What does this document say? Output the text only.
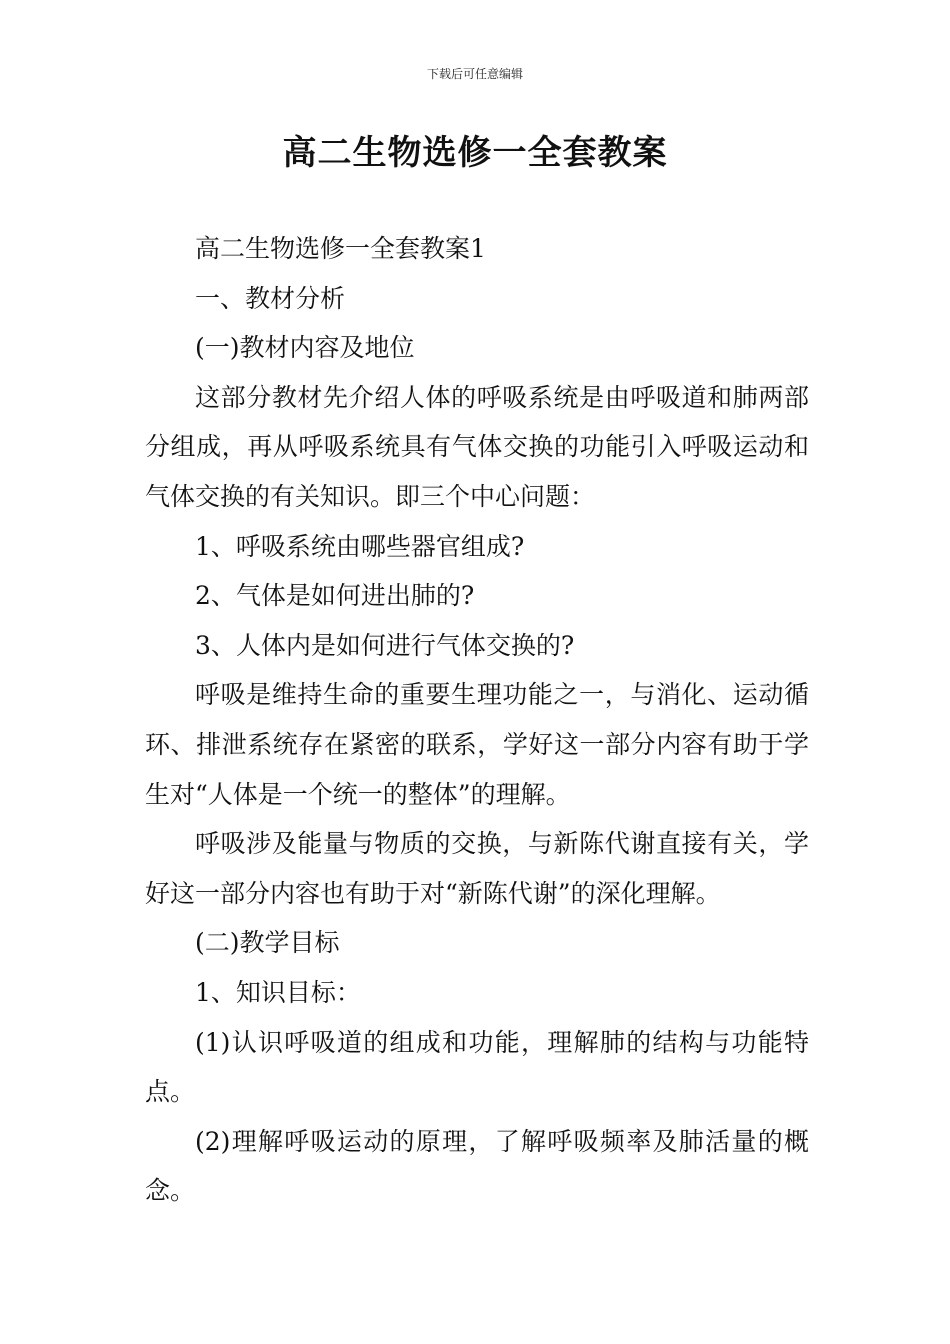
下载后可任意编辑
高二生物选修一全套教案

高二生物选修一全套教案1

一、教材分析

(一)教材内容及地位

这部分教材先介绍人体的呼吸系统是由呼吸道和肺两部分组成，再从呼吸系统具有气体交换的功能引入呼吸运动和气体交换的有关知识。即三个中心问题：

1、呼吸系统由哪些器官组成?

2、气体是如何进出肺的?

3、人体内是如何进行气体交换的?

呼吸是维持生命的重要生理功能之一，与消化、运动循环、排泄系统存在紧密的联系，学好这一部分内容有助于学生对“人体是一个统一的整体”的理解。

呼吸涉及能量与物质的交换，与新陈代谢直接有关，学好这一部分内容也有助于对“新陈代谢”的深化理解。

(二)教学目标

1、知识目标：

(1)认识呼吸道的组成和功能，理解肺的结构与功能特点。

(2)理解呼吸运动的原理，了解呼吸频率及肺活量的概念。
